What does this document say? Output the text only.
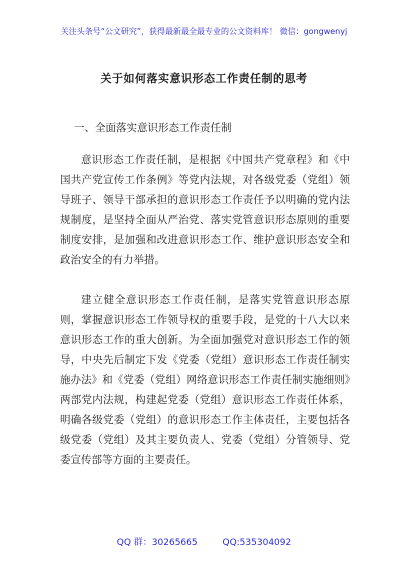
关注头条号“公文研究”，获得最新最全最专业的公文资料库！ 微信：gongwenyj
关于如何落实意识形态工作责任制的思考
一、全面落实意识形态工作责任制

意识形态工作责任制，是根据《中国共产党章程》和《中国共产党宣传工作条例》等党内法规，对各级党委（党组）领导班子、领导干部承担的意识形态工作责任予以明确的党内法规制度，是坚持全面从严治党、落实党管意识形态原则的重要制度安排，是加强和改进意识形态工作、维护意识形态安全和政治安全的有力举措。

建立健全意识形态工作责任制，是落实党管意识形态原则，掌握意识形态工作领导权的重要手段，是党的十八大以来意识形态工作的重大创新。为全面加强党对意识形态工作的领导，中央先后制定下发《党委（党组）意识形态工作责任制实施办法》和《党委（党组）网络意识形态工作责任制实施细则》两部党内法规，构建起党委（党组）意识形态工作责任体系，明确各级党委（党组）的意识形态工作主体责任，主要包括各级党委（党组）及其主要负责人、党委（党组）分管领导、党委宣传部等方面的主要责任。

QQ 群：30265665	QQ:535304092
